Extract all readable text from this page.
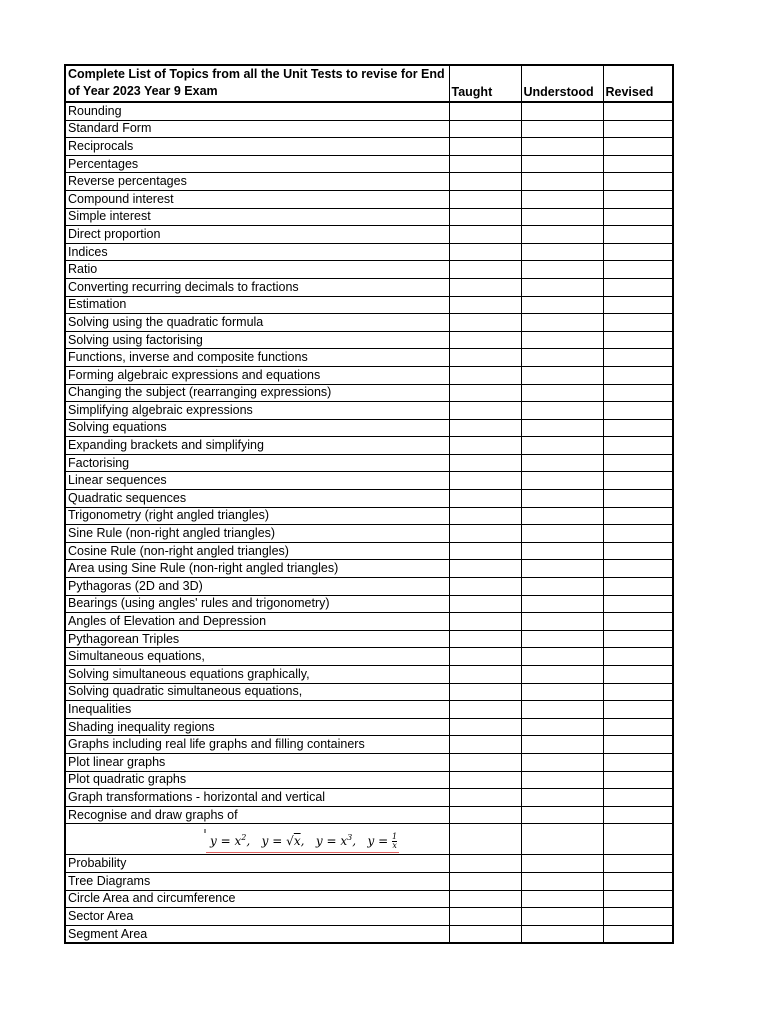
Complete List of Topics from all the Unit Tests to revise for End of Year 2023 Year 9 Exam	Taught	Understood	Revised
Rounding			
Standard Form			
Reciprocals			
Percentages			
Reverse percentages			
Compound interest			
Simple interest			
Direct proportion			
Indices			
Ratio			
Converting recurring decimals to fractions			
Estimation			
Solving using the quadratic formula			
Solving using factorising			
Functions, inverse and composite functions			
Forming algebraic expressions and equations			
Changing the subject (rearranging expressions)			
Simplifying algebraic expressions			
Solving equations			
Expanding brackets and simplifying			
Factorising			
Linear sequences			
Quadratic sequences			
Trigonometry (right angled triangles)			
Sine Rule (non-right angled triangles)			
Cosine Rule (non-right angled triangles)			
Area using Sine Rule (non-right angled triangles)			
Pythagoras (2D and 3D)			
Bearings (using angles' rules and trigonometry)			
Angles of Elevation and Depression			
Pythagorean Triples			
Simultaneous equations,			
Solving simultaneous equations graphically,			
Solving quadratic simultaneous equations,			
Inequalities			
Shading inequality regions			
Graphs including real life graphs and filling containers			
Plot linear graphs			
Plot quadratic graphs			
Graph transformations - horizontal and vertical			
Recognise and draw graphs of			

$y = x^2$, y = √x, $y = x^3$, $y = \frac{1}{x}$

Probability			
Tree Diagrams			
Circle Area and circumference			
Sector Area			
Segment Area			
